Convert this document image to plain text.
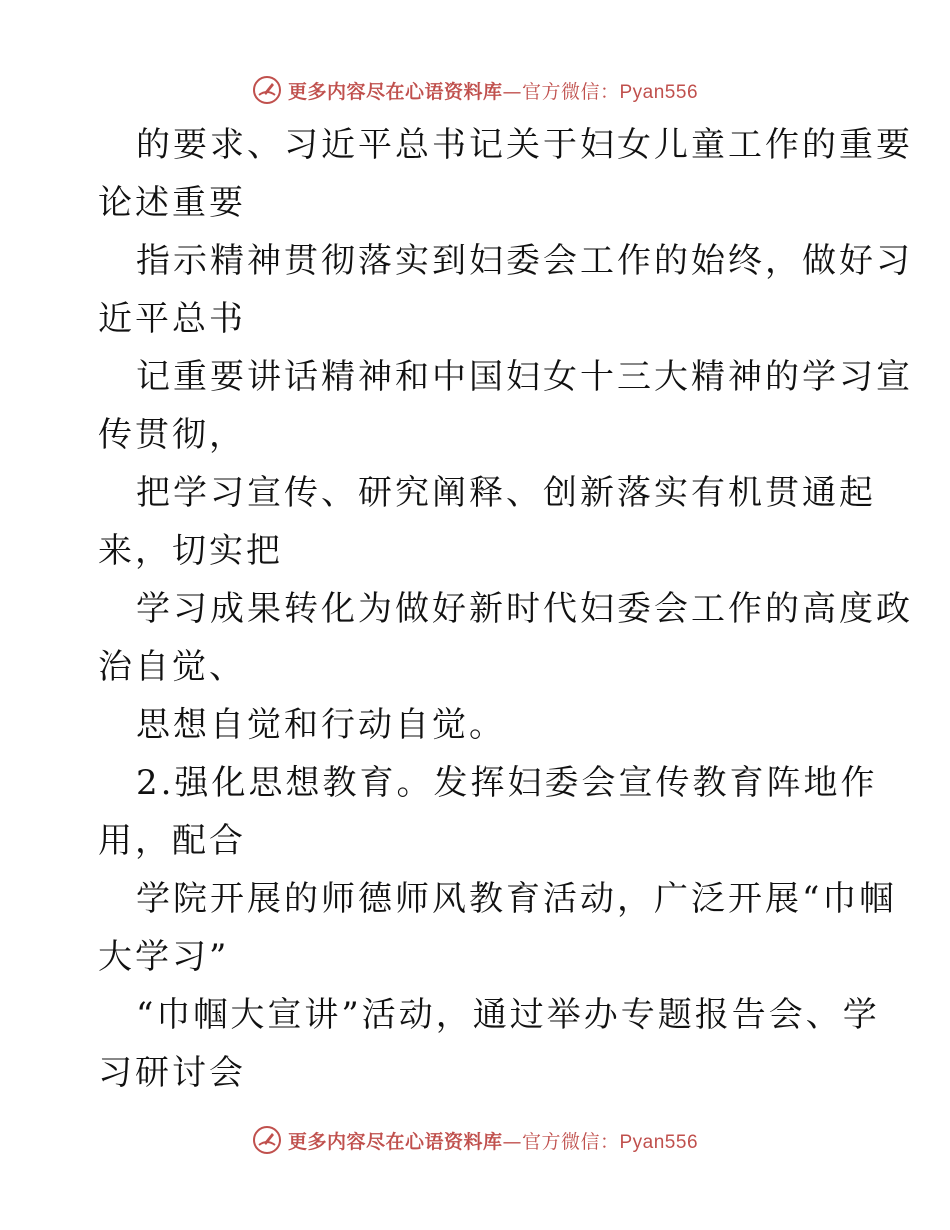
更多内容尽在心语资料库—官方微信：Pyan556
的要求、习近平总书记关于妇女儿童工作的重要
论述重要
指示精神贯彻落实到妇委会工作的始终，做好习
近平总书
记重要讲话精神和中国妇女十三大精神的学习宣
传贯彻，
把学习宣传、研究阐释、创新落实有机贯通起
来，切实把
学习成果转化为做好新时代妇委会工作的高度政
治自觉、
思想自觉和行动自觉。
2.强化思想教育。发挥妇委会宣传教育阵地作
用，配合
学院开展的师德师风教育活动，广泛开展“巾帼
大学习”
“巾帼大宣讲”活动，通过举办专题报告会、学
习研讨会
更多内容尽在心语资料库—官方微信：Pyan556
